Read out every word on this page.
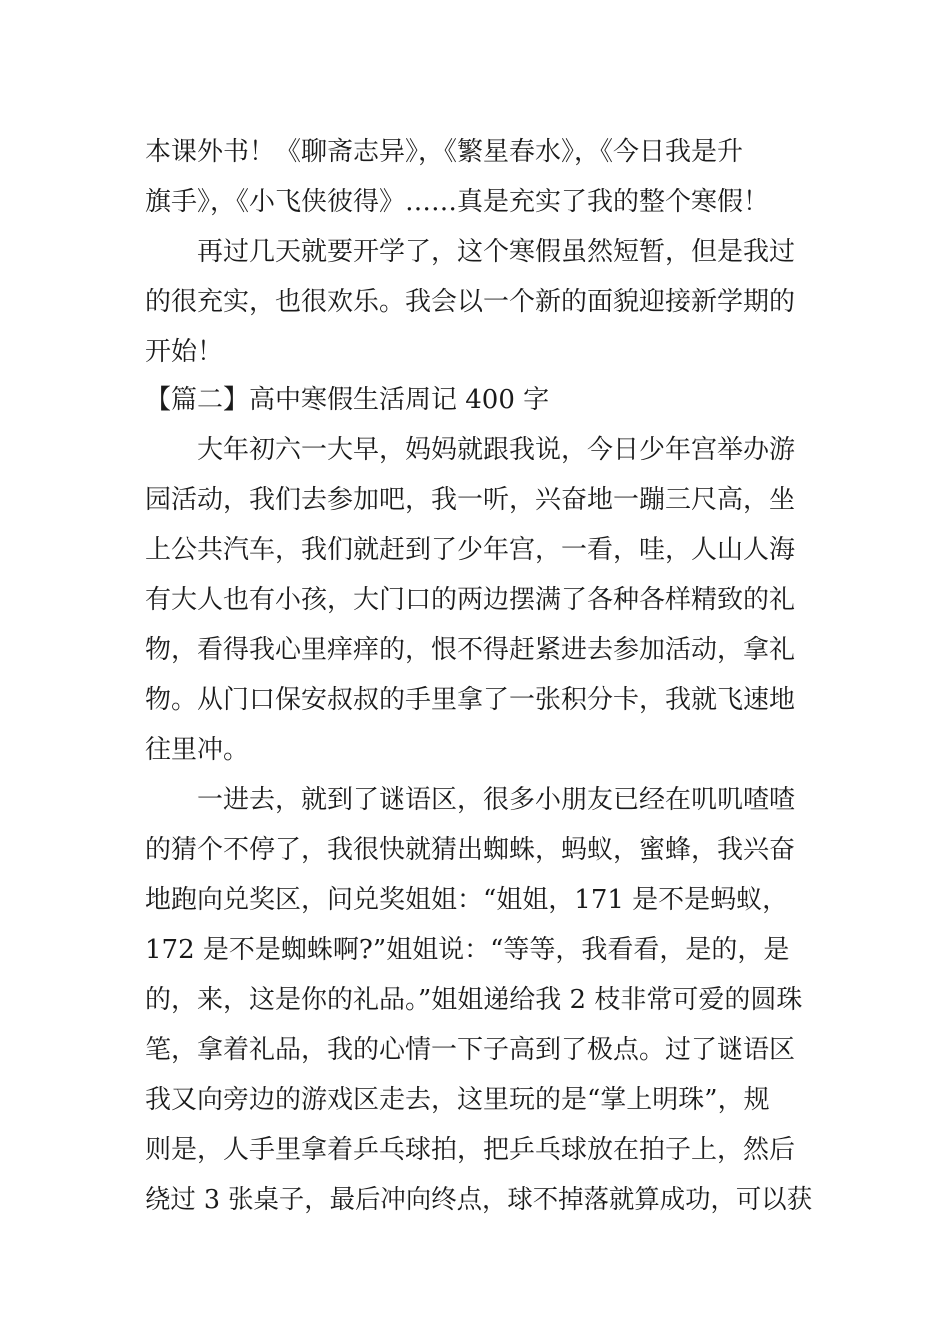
本课外书！《聊斋志异》，《繁星春水》，《今日我是升

旗手》，《小飞侠彼得》……真是充实了我的整个寒假！

再过几天就要开学了，这个寒假虽然短暂，但是我过

的很充实，也很欢乐。我会以一个新的面貌迎接新学期的

开始！

【篇二】高中寒假生活周记 400 字

大年初六一大早，妈妈就跟我说，今日少年宫举办游

园活动，我们去参加吧，我一听，兴奋地一蹦三尺高，坐

上公共汽车，我们就赶到了少年宫，一看，哇，人山人海

有大人也有小孩，大门口的两边摆满了各种各样精致的礼

物，看得我心里痒痒的，恨不得赶紧进去参加活动，拿礼

物。从门口保安叔叔的手里拿了一张积分卡，我就飞速地

往里冲。

一进去，就到了谜语区，很多小朋友已经在叽叽喳喳

的猜个不停了，我很快就猜出蜘蛛，蚂蚁，蜜蜂，我兴奋

地跑向兑奖区，问兑奖姐姐：“姐姐，171 是不是蚂蚁，

172 是不是蜘蛛啊?”姐姐说：“等等，我看看，是的，是

的，来，这是你的礼品。”姐姐递给我 2 枝非常可爱的圆珠

笔，拿着礼品，我的心情一下子高到了极点。过了谜语区

我又向旁边的游戏区走去，这里玩的是“掌上明珠”，规

则是，人手里拿着乒乓球拍，把乒乓球放在拍子上，然后

绕过 3 张桌子，最后冲向终点，球不掉落就算成功，可以获
